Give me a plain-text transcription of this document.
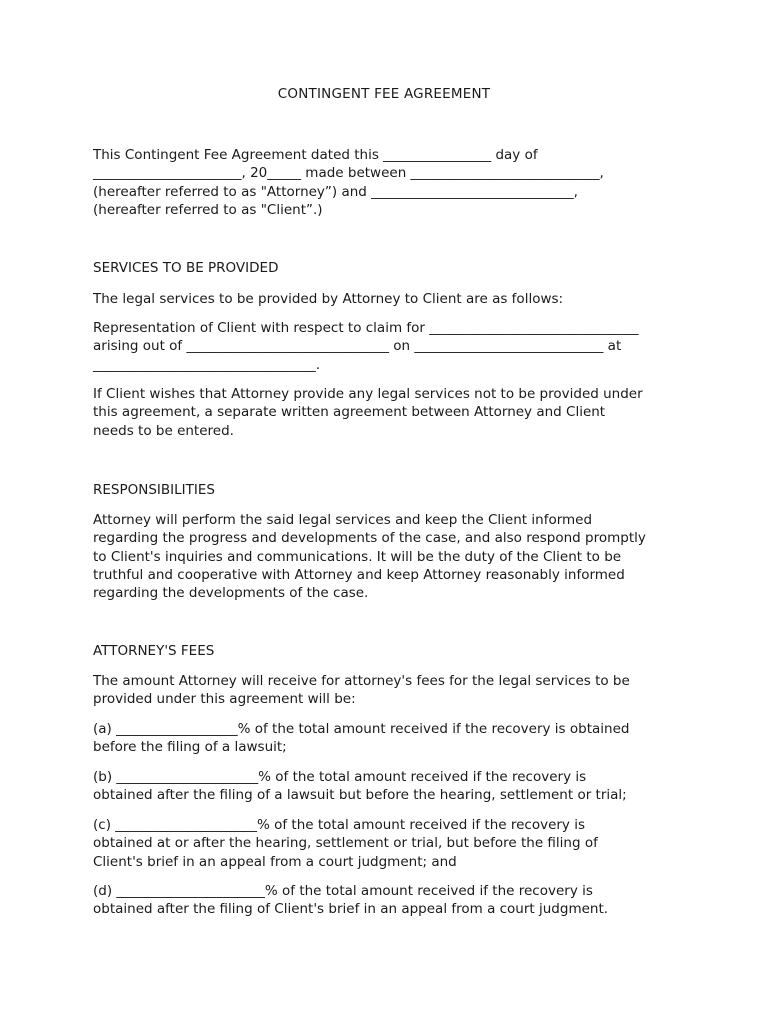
CONTINGENT FEE AGREEMENT
This Contingent Fee Agreement dated this ________________ day of
______________________, 20_____ made between ____________________________,
(hereafter referred to as "Attorney”) and ______________________________,
(hereafter referred to as "Client”.)
SERVICES TO BE PROVIDED
The legal services to be provided by Attorney to Client are as follows:
Representation of Client with respect to claim for _______________________________
arising out of ______________________________ on ____________________________ at
_________________________________.
If Client wishes that Attorney provide any legal services not to be provided under
this agreement, a separate written agreement between Attorney and Client
needs to be entered.
RESPONSIBILITIES
Attorney will perform the said legal services and keep the Client informed
regarding the progress and developments of the case, and also respond promptly
to Client's inquiries and communications. It will be the duty of the Client to be
truthful and cooperative with Attorney and keep Attorney reasonably informed
regarding the developments of the case.
ATTORNEY'S FEES
The amount Attorney will receive for attorney's fees for the legal services to be
provided under this agreement will be:
(a) __________________% of the total amount received if the recovery is obtained
before the filing of a lawsuit;
(b) _____________________% of the total amount received if the recovery is
obtained after the filing of a lawsuit but before the hearing, settlement or trial;
(c) _____________________% of the total amount received if the recovery is
obtained at or after the hearing, settlement or trial, but before the filing of
Client's brief in an appeal from a court judgment; and
(d) ______________________% of the total amount received if the recovery is
obtained after the filing of Client's brief in an appeal from a court judgment.
